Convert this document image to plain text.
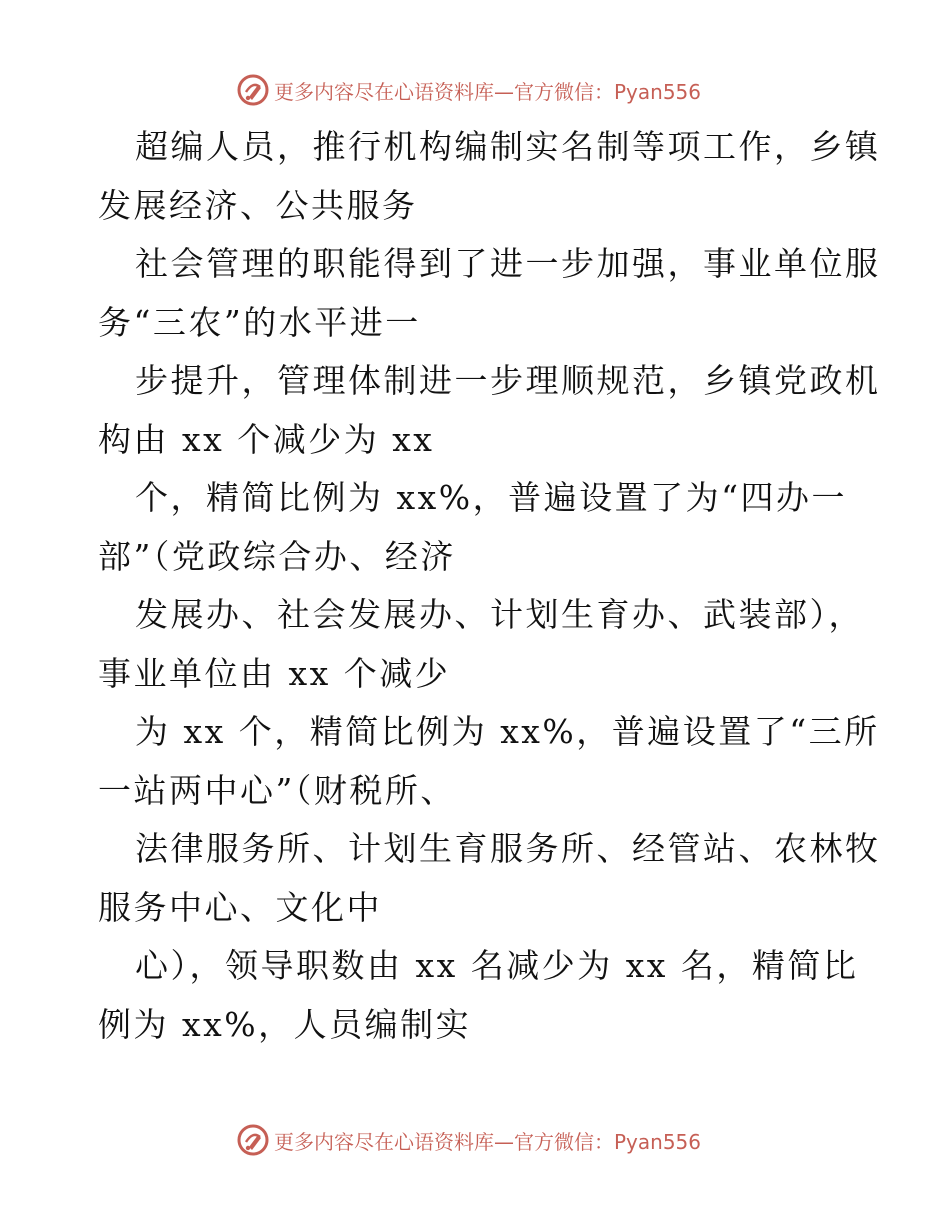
更多内容尽在心语资料库 —官方微信：Pyan556
超编人员，推行机构编制实名制等项工作，乡镇
发展经济、公共服务
社会管理的职能得到了进一步加强，事业单位服
务“三农”的水平进一
步提升，管理体制进一步理顺规范，乡镇党政机
构由 xx 个减少为 xx
个，精简比例为 xx%，普遍设置了为“四办一
部”（党政综合办、经济
发展办、社会发展办、计划生育办、武装部），
事业单位由 xx 个减少
为 xx 个，精简比例为 xx%，普遍设置了“三所
一站两中心”（财税所、
法律服务所、计划生育服务所、经管站、农林牧
服务中心、文化中
心），领导职数由 xx 名减少为 xx 名，精简比
例为 xx%，人员编制实
更多内容尽在心语资料库 —官方微信：Pyan556
